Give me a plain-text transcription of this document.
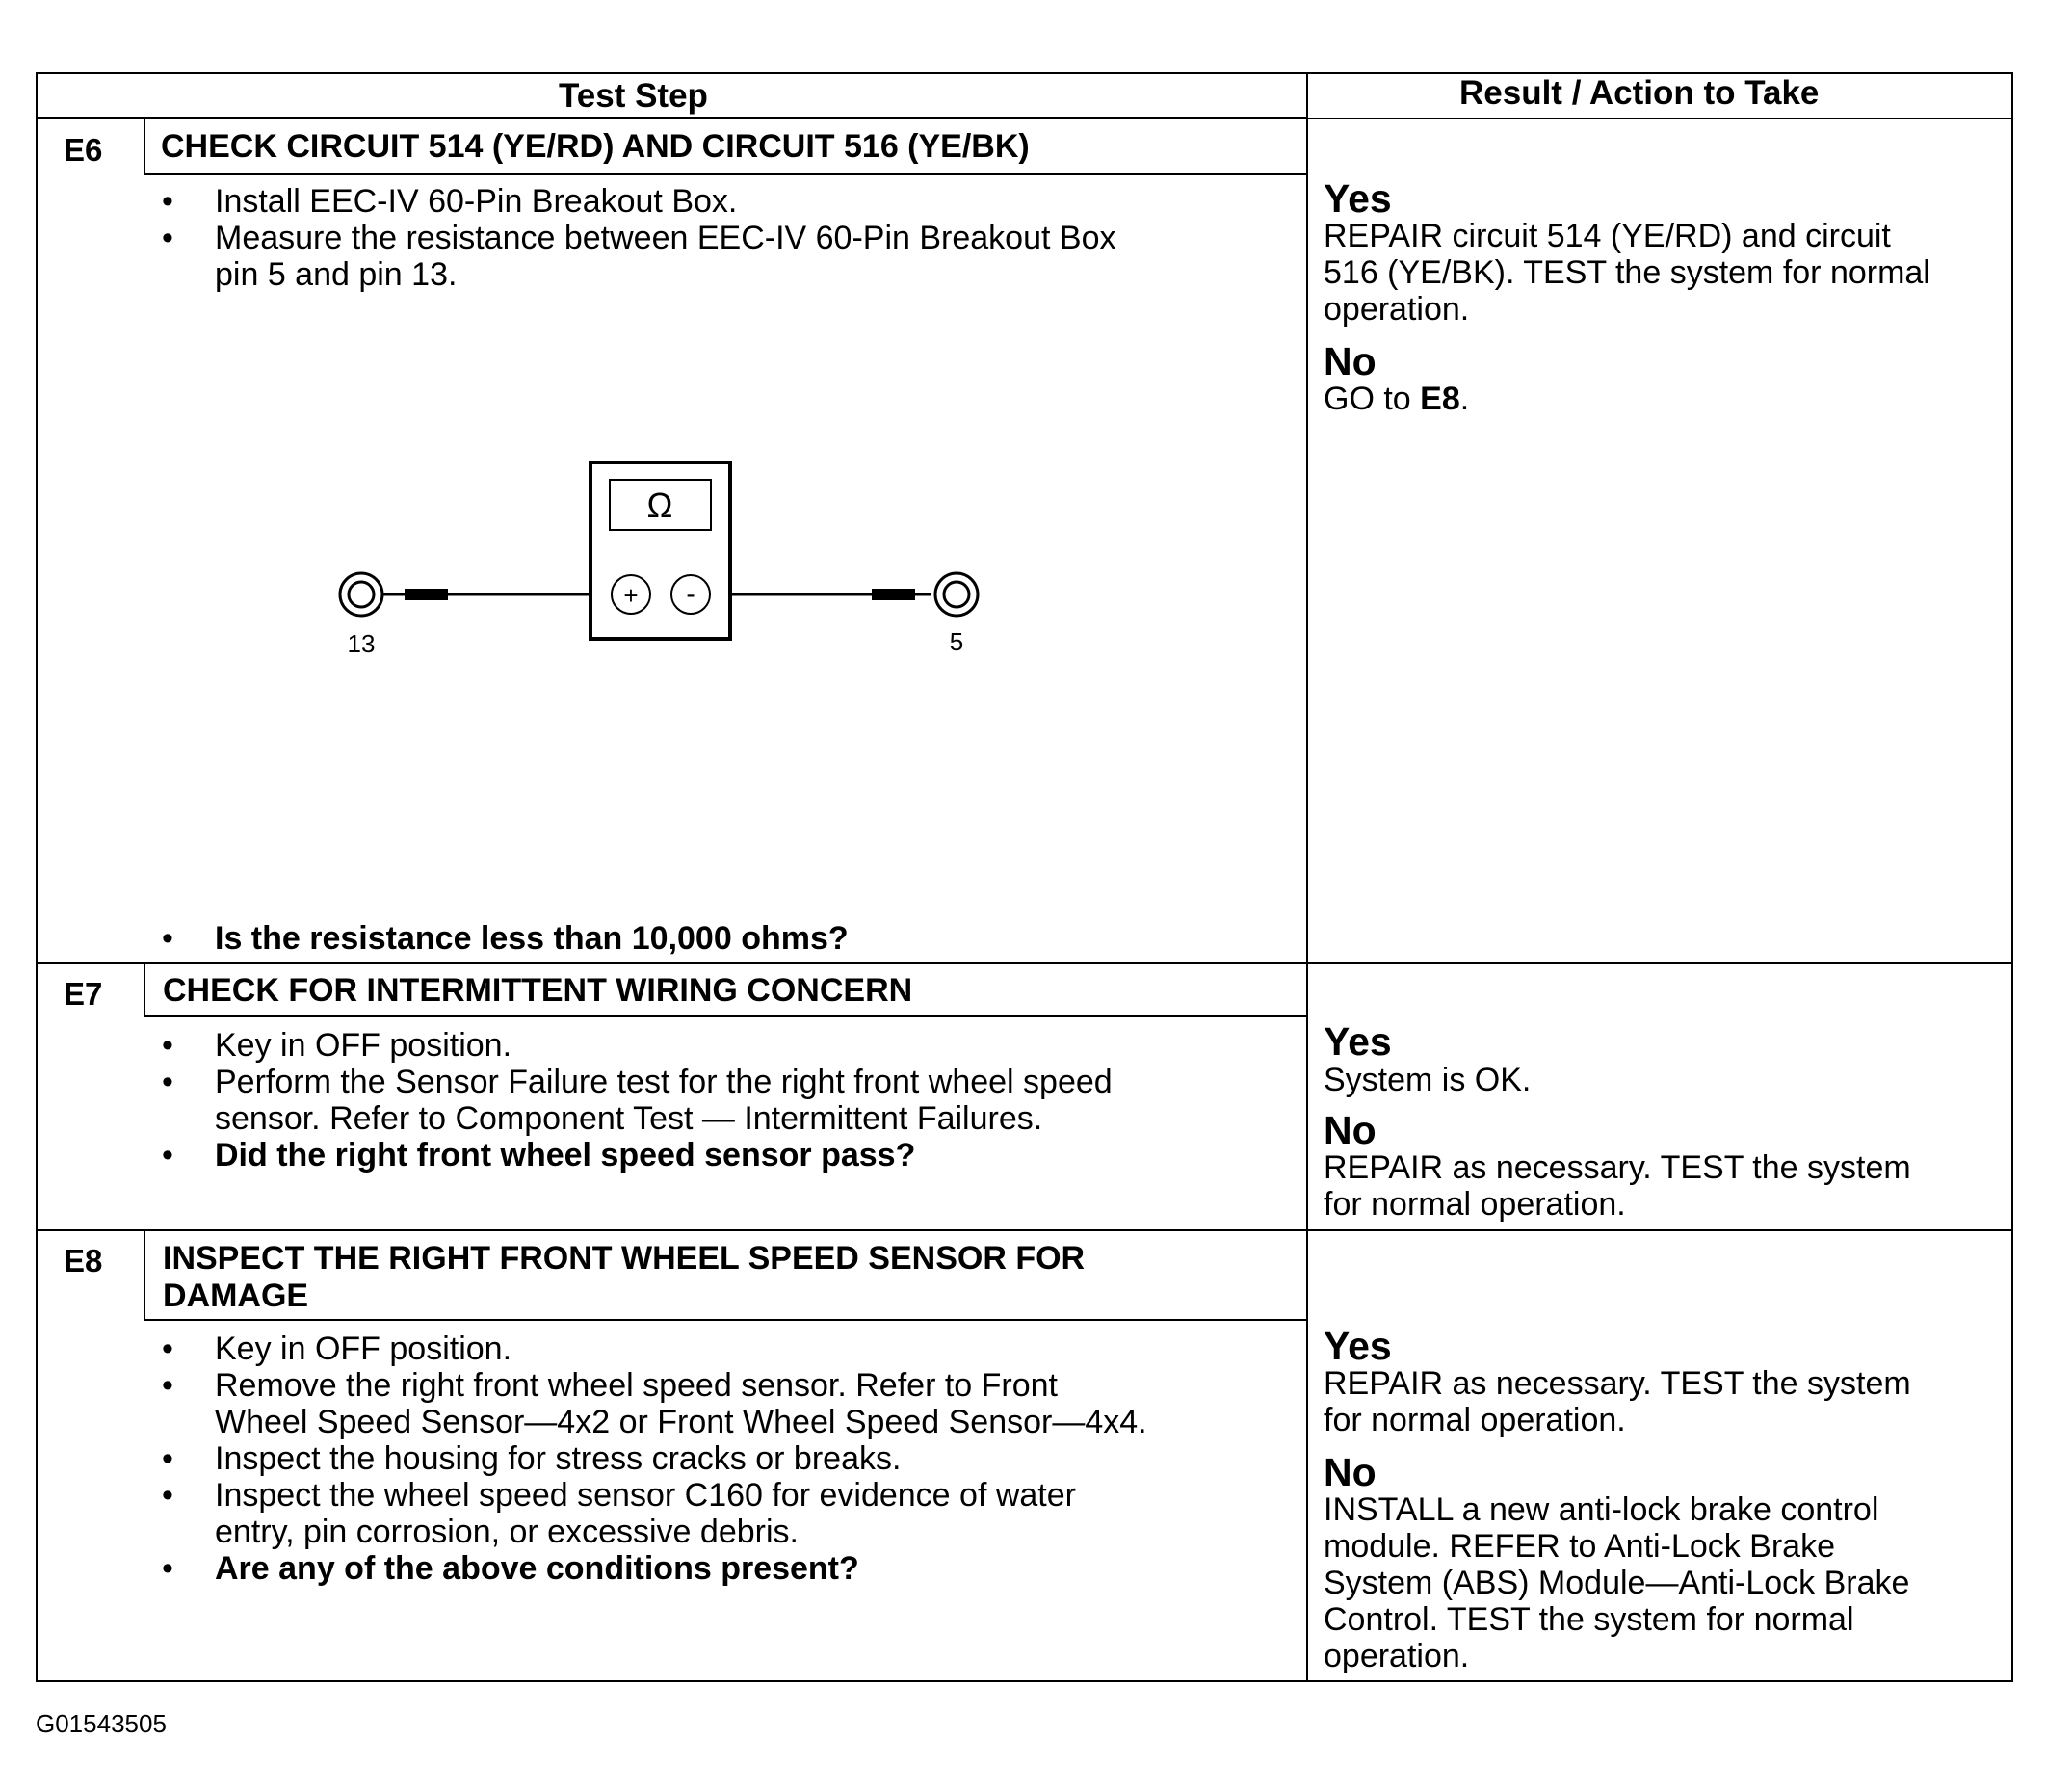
Test Step	Result / Action to Take
E6 CHECK CIRCUIT 514 (YE/RD) AND CIRCUIT 516 (YE/BK)
• Install EEC-IV 60-Pin Breakout Box.
• Measure the resistance between EEC-IV 60-Pin Breakout Box
pin 5 and pin 13.
Ω
+ -
13	5
• Is the resistance less than 10,000 ohms?
Yes
REPAIR circuit 514 (YE/RD) and circuit
516 (YE/BK). TEST the system for normal
operation.
No
GO to E8.
E7 CHECK FOR INTERMITTENT WIRING CONCERN
• Key in OFF position.
• Perform the Sensor Failure test for the right front wheel speed
sensor. Refer to Component Test — Intermittent Failures.
• Did the right front wheel speed sensor pass?
Yes
System is OK.
No
REPAIR as necessary. TEST the system
for normal operation.
E8 INSPECT THE RIGHT FRONT WHEEL SPEED SENSOR FOR
DAMAGE
• Key in OFF position.
• Remove the right front wheel speed sensor. Refer to Front
Wheel Speed Sensor—4x2 or Front Wheel Speed Sensor—4x4.
• Inspect the housing for stress cracks or breaks.
• Inspect the wheel speed sensor C160 for evidence of water
entry, pin corrosion, or excessive debris.
• Are any of the above conditions present?
Yes
REPAIR as necessary. TEST the system
for normal operation.
No
INSTALL a new anti-lock brake control
module. REFER to Anti-Lock Brake
System (ABS) Module—Anti-Lock Brake
Control. TEST the system for normal
operation.
G01543505
